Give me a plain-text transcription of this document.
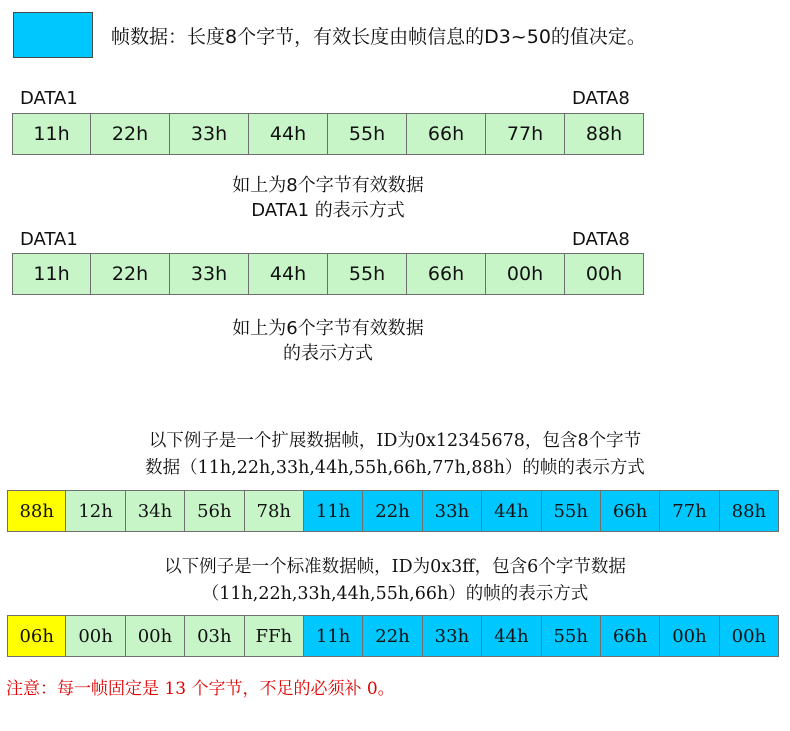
帧数据：长度8个字节，有效长度由帧信息的D3~50的值决定。
DATA1	DATA8
11h	22h	33h	44h	55h	66h	77h	88h
如上为8个字节有效数据
DATA1 的表示方式
DATA1	DATA8
11h	22h	33h	44h	55h	66h	00h	00h
如上为6个字节有效数据
的表示方式
以下例子是一个扩展数据帧，ID为0x12345678，包含8个字节
数据（11h,22h,33h,44h,55h,66h,77h,88h）的帧的表示方式
88h	12h	34h	56h	78h	11h	22h	33h	44h	55h	66h	77h	88h
以下例子是一个标准数据帧，ID为0x3ff，包含6个字节数据
（11h,22h,33h,44h,55h,66h）的帧的表示方式
06h	00h	00h	03h	FFh	11h	22h	33h	44h	55h	66h	00h	00h
注意：每一帧固定是 13 个字节，不足的必须补 0。
